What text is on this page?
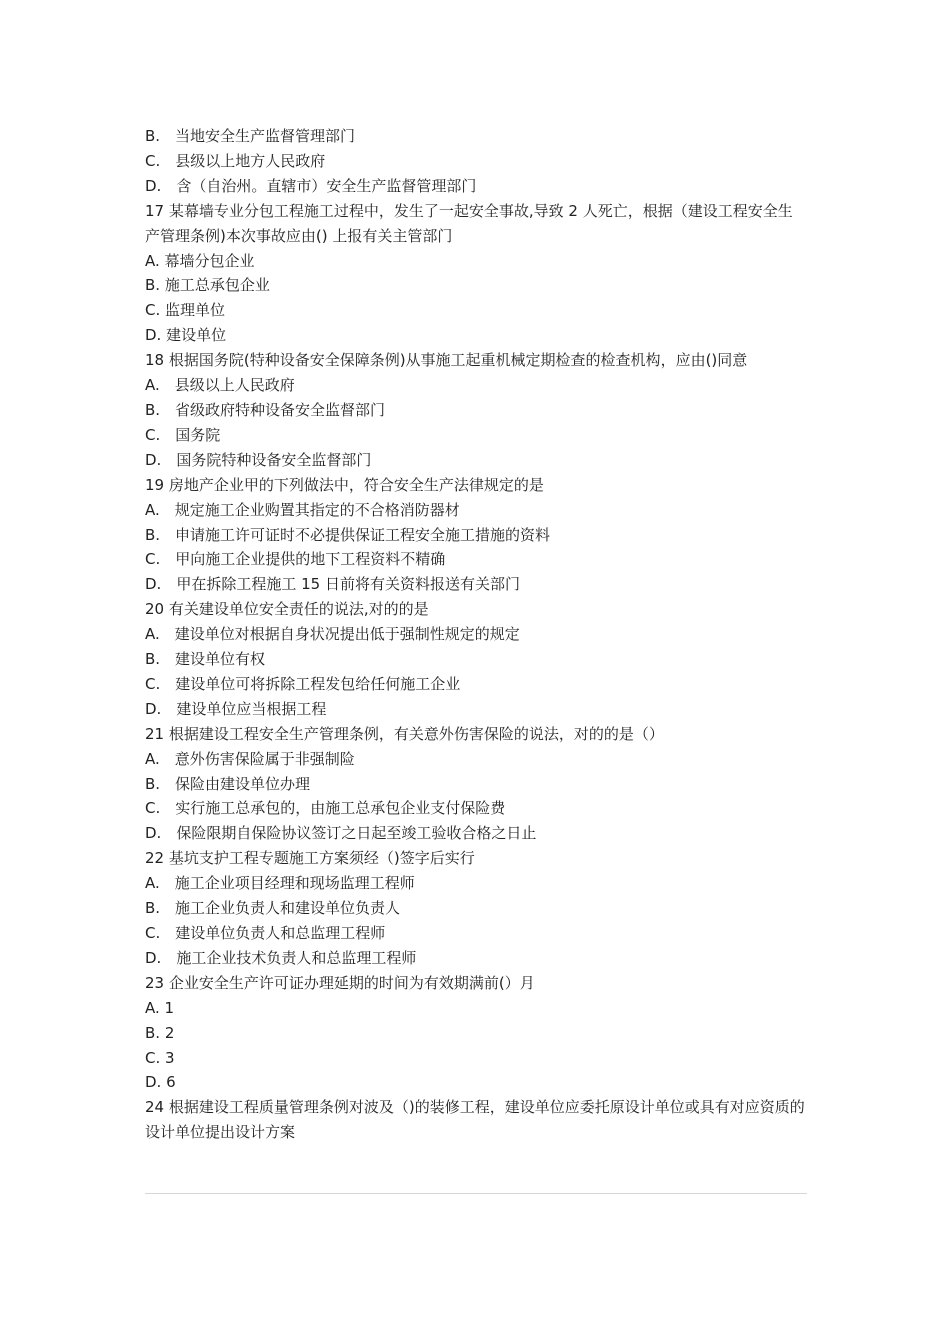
B.　当地安全生产监督管理部门

C.　县级以上地方人民政府

D.　含（自治州。直辖市）安全生产监督管理部门

17 某幕墙专业分包工程施工过程中，发生了一起安全事故,导致 2 人死亡，根据（建设工程安全生产管理条例)本次事故应由() 上报有关主管部门

A. 幕墙分包企业

B. 施工总承包企业

C. 监理单位

D. 建设单位

18 根据国务院(特种设备安全保障条例)从事施工起重机械定期检查的检查机构，应由()同意

A.　县级以上人民政府

B.　省级政府特种设备安全监督部门

C.　国务院

D.　国务院特种设备安全监督部门

19 房地产企业甲的下列做法中，符合安全生产法律规定的是

A.　规定施工企业购置其指定的不合格消防器材

B.　申请施工许可证时不必提供保证工程安全施工措施的资料

C.　甲向施工企业提供的地下工程资料不精确

D.　甲在拆除工程施工 15 日前将有关资料报送有关部门

20 有关建设单位安全责任的说法,对的的是

A.　建设单位对根据自身状况提出低于强制性规定的规定

B.　建设单位有权

C.　建设单位可将拆除工程发包给任何施工企业

D.　建设单位应当根据工程

21 根据建设工程安全生产管理条例，有关意外伤害保险的说法，对的的是（）

A.　意外伤害保险属于非强制险

B.　保险由建设单位办理

C.　实行施工总承包的，由施工总承包企业支付保险费

D.　保险限期自保险协议签订之日起至竣工验收合格之日止

22 基坑支护工程专题施工方案须经（)签字后实行

A.　施工企业项目经理和现场监理工程师

B.　施工企业负责人和建设单位负责人

C.　建设单位负责人和总监理工程师

D.　施工企业技术负责人和总监理工程师

23 企业安全生产许可证办理延期的时间为有效期满前(）月

A. 1

B. 2

C. 3

D. 6

24 根据建设工程质量管理条例对波及（)的装修工程，建设单位应委托原设计单位或具有对应资质的设计单位提出设计方案
